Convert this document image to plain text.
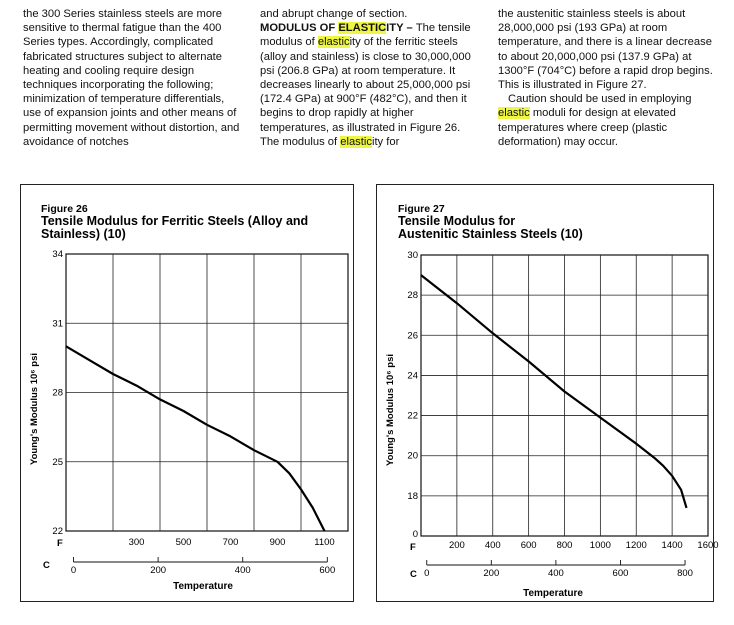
the 300 Series stainless steels are more sensitive to thermal fatigue than the 400 Series types. Accordingly, complicated fabricated structures subject to alternate heating and cooling require design techniques incorporating the following; minimization of temperature differentials, use of expansion joints and other means of permitting movement without distortion, and avoidance of notches

and abrupt change of section.

MODULUS OF ELASTICITY – The tensile modulus of elasticity of the ferritic steels (alloy and stainless) is close to 30,000,000 psi (206.8 GPa) at room temperature. It decreases linearly to about 25,000,000 psi (172.4 GPa) at 900°F (482°C), and then it begins to drop rapidly at higher temperatures, as illustrated in Figure 26. The modulus of elasticity for

the austenitic stainless steels is about 28,000,000 psi (193 GPa) at room temperature, and there is a linear decrease to about 20,000,000 psi (137.9 GPa) at 1300°F (704°C) before a rapid drop begins. This is illustrated in Figure 27.

Caution should be used in employing elastic moduli for design at elevated temperatures where creep (plastic deformation) may occur.

Figure 26
Tensile Modulus for Ferritic Steels (Alloy and
Stainless) (10)
Young's Modulus 10⁶ psi
F
C
Temperature
22
25
28
31
34
300	500	700	900	1100
0	200	400	600
Figure 27
Tensile Modulus for
Austenitic Stainless Steels (10)
Young's Modulus 10⁶ psi
F
C
Temperature
18
20
22
24
26
28
30
0
200 400 600 800 1000 1200 1400 1600
0	200	400	600	800
